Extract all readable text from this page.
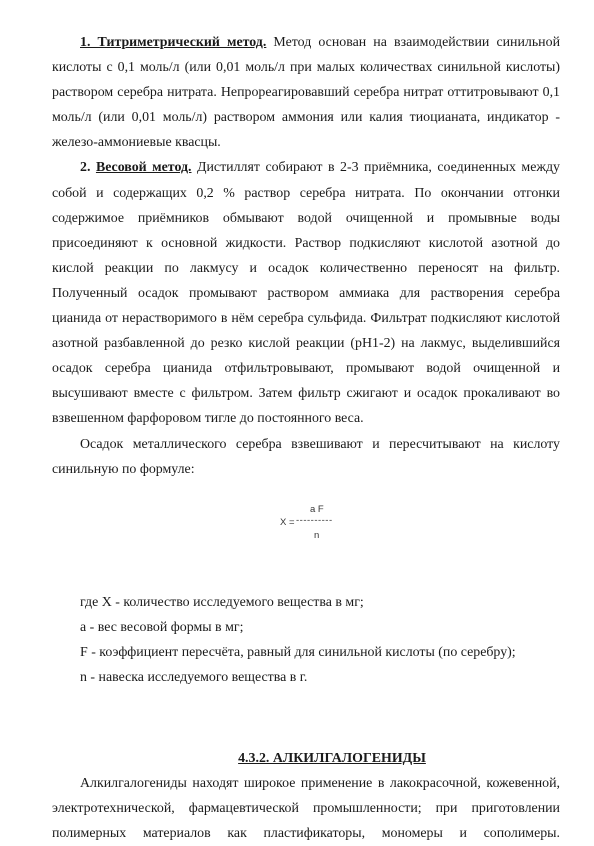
1. Титриметрический метод. Метод основан на взаимодействии синильной кислоты с 0,1 моль/л (или 0,01 моль/л при малых количествах синильной кислоты) раствором серебра нитрата. Непрореагировавший серебра нитрат оттитровывают 0,1 моль/л (или 0,01 моль/л) раствором аммония или калия тиоцианата, индикатор - железо-аммониевые квасцы.

2. Весовой метод. Дистиллят собирают в 2-3 приёмника, соединенных между собой и содержащих 0,2 % раствор серебра нитрата. По окончании отгонки содержимое приёмников обмывают водой очищенной и промывные воды присоединяют к основной жидкости. Раствор подкисляют кислотой азотной до кислой реакции по лакмусу и осадок количественно переносят на фильтр. Полученный осадок промывают раствором аммиака для растворения серебра цианида от нерастворимого в нём серебра сульфида. Фильтрат подкисляют кислотой азотной разбавленной до резко кислой реакции (pH1-2) на лакмус, выделившийся осадок серебра цианида отфильтровывают, промывают водой очищенной и высушивают вместе с фильтром. Затем фильтр сжигают и осадок прокаливают во взвешенном фарфоровом тигле до постоянного веса.

Осадок металлического серебра взвешивают и пересчитывают на кислоту синильную по формуле:

a F
X = ----------
n
где Х - количество исследуемого вещества в мг;
а - вес весовой формы в мг;
F - коэффициент пересчёта, равный для синильной кислоты (по серебру);
n - навеска исследуемого вещества в г.
4.3.2. АЛКИЛГАЛОГЕНИДЫ

Алкилгалогениды находят широкое применение в лакокрасочной, кожевенной, электротехнической, фармацевтической промышленности; при приготовлении полимерных материалов как пластификаторы, мономеры и сополимеры.
